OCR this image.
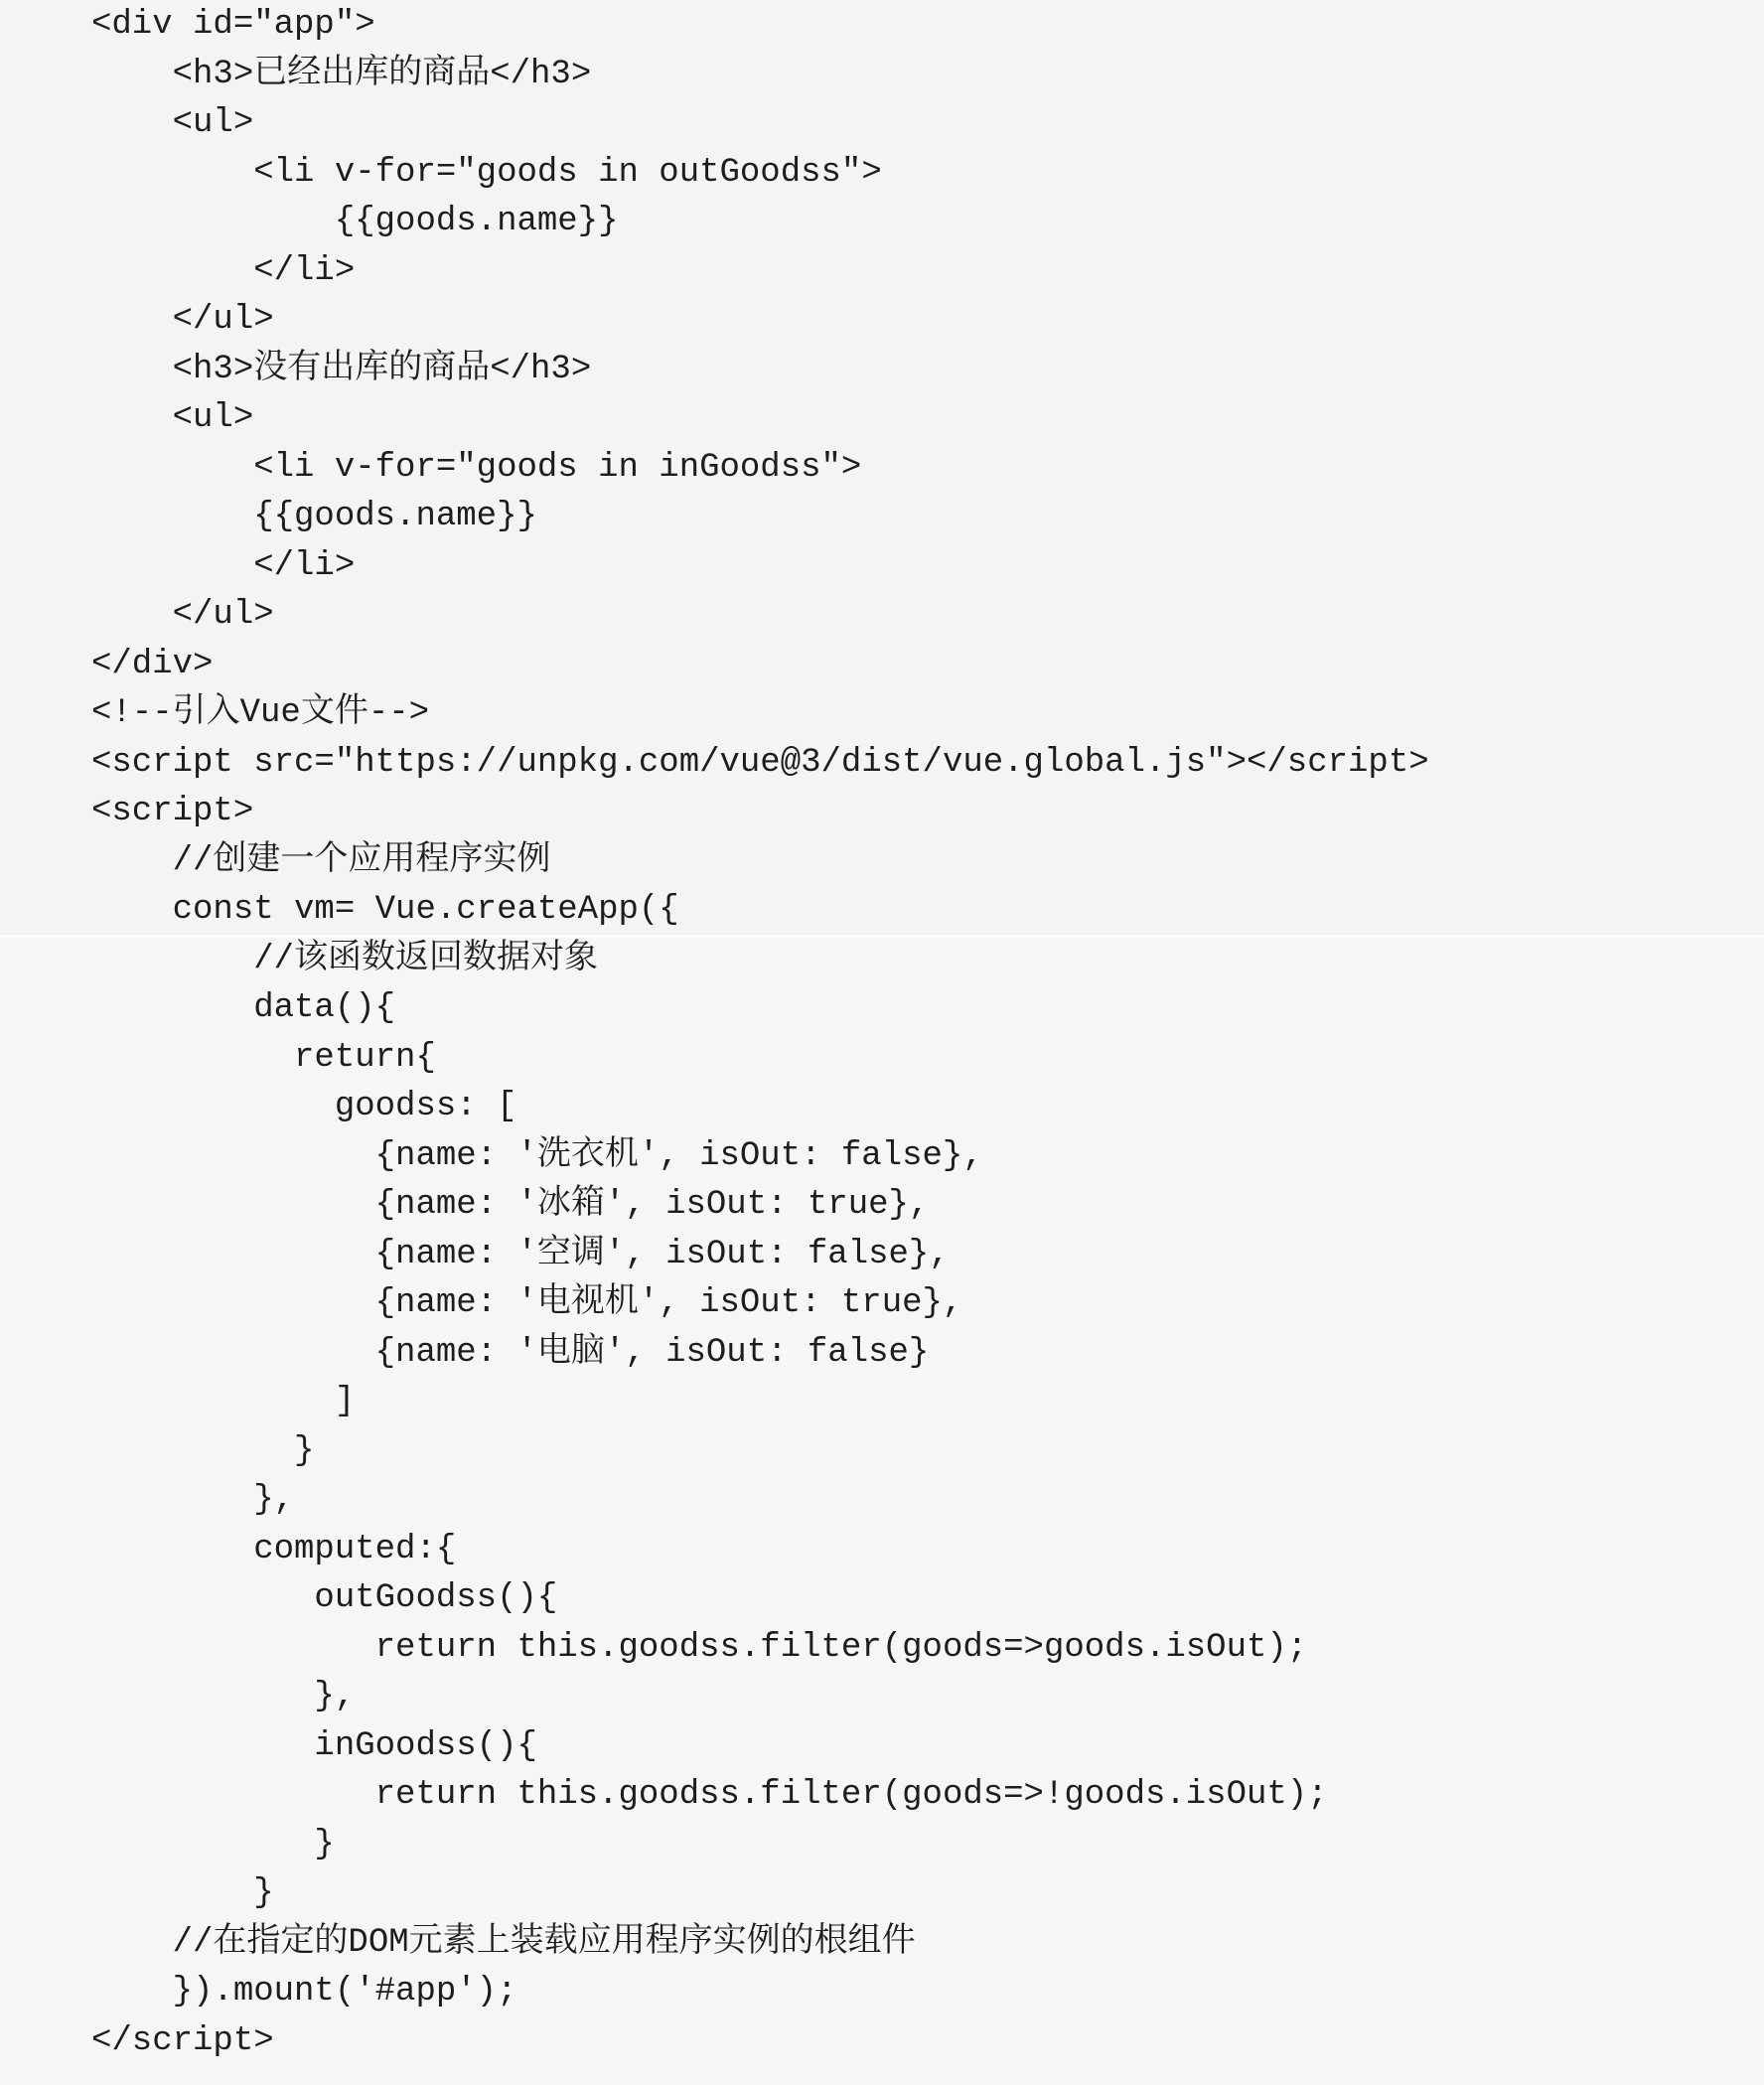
<div id="app">
<h3>已经出库的商品</h3>
<ul>
<li v-for="goods in outGoodss">
{{goods.name}}
</li>
</ul>
<h3>没有出库的商品</h3>
<ul>
<li v-for="goods in inGoodss">
{{goods.name}}
</li>
</ul>
</div>
<!--引入Vue文件-->
<script src="https://unpkg.com/vue@3/dist/vue.global.js"></script>
<script>
//创建一个应用程序实例
const vm= Vue.createApp({
//该函数返回数据对象
data(){
return{
goodss: [
{name: '洗衣机', isOut: false},
{name: '冰箱', isOut: true},
{name: '空调', isOut: false},
{name: '电视机', isOut: true},
{name: '电脑', isOut: false}
]
}
},
computed:{
outGoodss(){
return this.goodss.filter(goods=>goods.isOut);
},
inGoodss(){
return this.goodss.filter(goods=>!goods.isOut);
}
}
//在指定的DOM元素上装载应用程序实例的根组件
}).mount('#app');
</script>
